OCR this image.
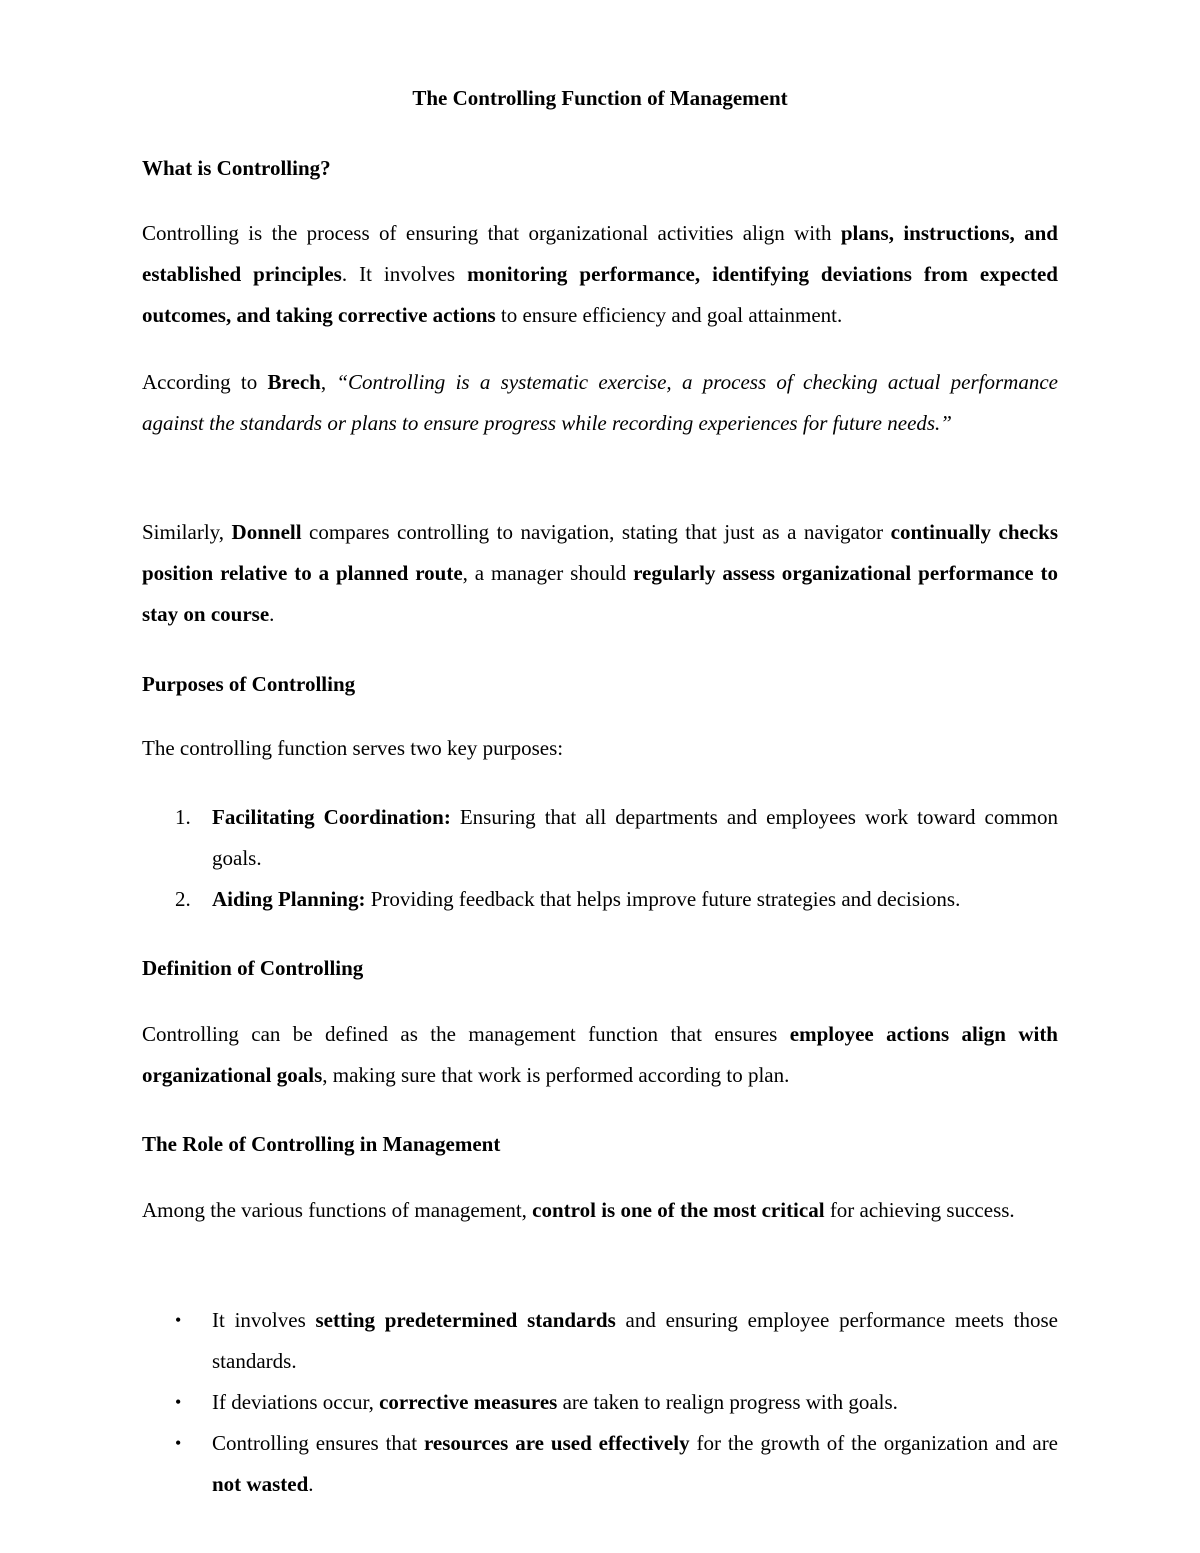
The Controlling Function of Management
What is Controlling?

Controlling is the process of ensuring that organizational activities align with plans, instructions, and established principles. It involves monitoring performance, identifying deviations from expected outcomes, and taking corrective actions to ensure efficiency and goal attainment.

According to Brech, “Controlling is a systematic exercise, a process of checking actual performance against the standards or plans to ensure progress while recording experiences for future needs.”

Similarly, Donnell compares controlling to navigation, stating that just as a navigator continually checks position relative to a planned route, a manager should regularly assess organizational performance to stay on course.

Purposes of Controlling

The controlling function serves two key purposes:

1. Facilitating Coordination: Ensuring that all departments and employees work toward common goals.
2. Aiding Planning: Providing feedback that helps improve future strategies and decisions.
Definition of Controlling

Controlling can be defined as the management function that ensures employee actions align with organizational goals, making sure that work is performed according to plan.

The Role of Controlling in Management

Among the various functions of management, control is one of the most critical for achieving success.

• It involves setting predetermined standards and ensuring employee performance meets those standards.
• If deviations occur, corrective measures are taken to realign progress with goals.
• Controlling ensures that resources are used effectively for the growth of the organization and are not wasted.
